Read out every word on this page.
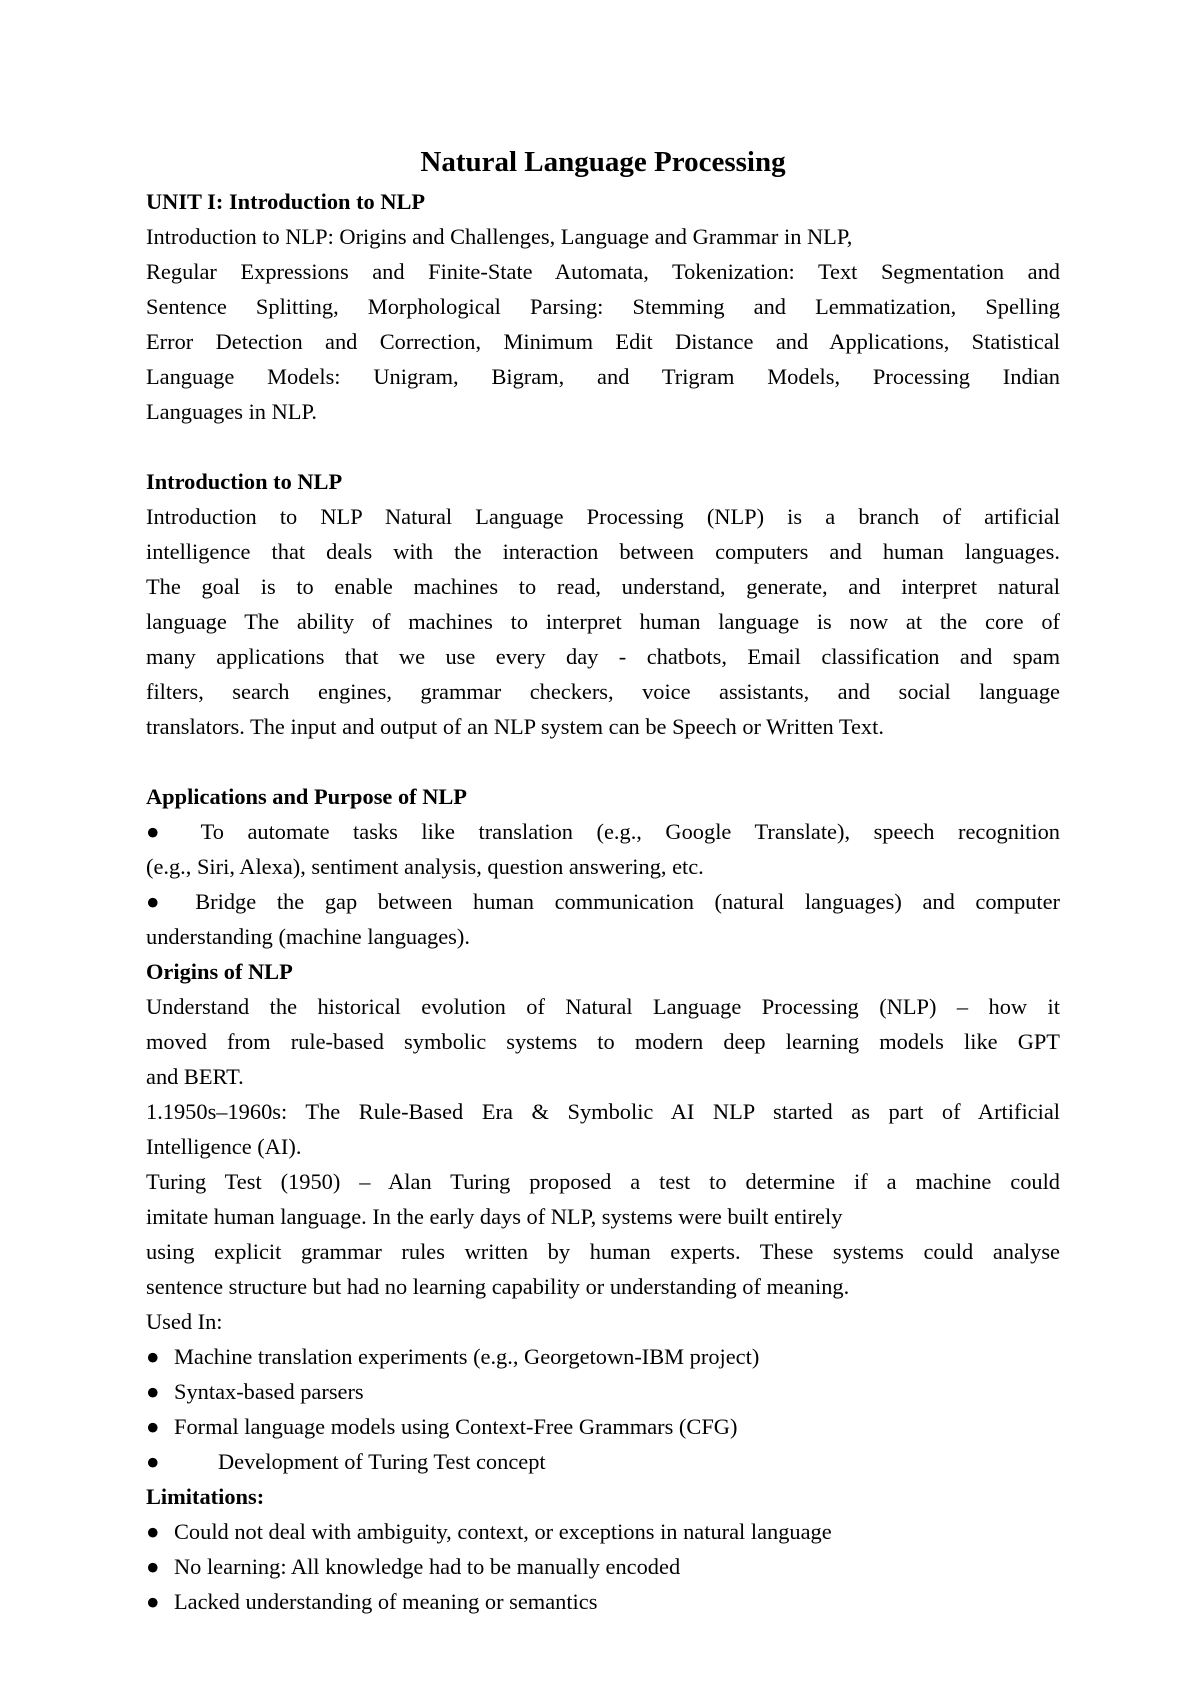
Natural Language Processing

UNIT I: Introduction to NLP

Introduction to NLP: Origins and Challenges, Language and Grammar in NLP,

Regular Expressions and Finite-State Automata, Tokenization: Text Segmentation and

Sentence Splitting, Morphological Parsing: Stemming and Lemmatization, Spelling

Error Detection and Correction, Minimum Edit Distance and Applications, Statistical

Language Models: Unigram, Bigram, and Trigram Models, Processing Indian

Languages in NLP.

Introduction to NLP

Introduction to NLP Natural Language Processing (NLP) is a branch of artificial

intelligence that deals with the interaction between computers and human languages.

The goal is to enable machines to read, understand, generate, and interpret natural

language The ability of machines to interpret human language is now at the core of

many applications that we use every day - chatbots, Email classification and spam

filters, search engines, grammar checkers, voice assistants, and social language

translators. The input and output of an NLP system can be Speech or Written Text.

Applications and Purpose of NLP

● To automate tasks like translation (e.g., Google Translate), speech recognition

(e.g., Siri, Alexa), sentiment analysis, question answering, etc.

● Bridge the gap between human communication (natural languages) and computer

understanding (machine languages).

Origins of NLP

Understand the historical evolution of Natural Language Processing (NLP) – how it

moved from rule-based symbolic systems to modern deep learning models like GPT

and BERT.

1.1950s–1960s: The Rule-Based Era & Symbolic AI NLP started as part of Artificial

Intelligence (AI).

Turing Test (1950) – Alan Turing proposed a test to determine if a machine could

imitate human language. In the early days of NLP, systems were built entirely

using explicit grammar rules written by human experts. These systems could analyse

sentence structure but had no learning capability or understanding of meaning.

Used In:

● Machine translation experiments (e.g., Georgetown-IBM project)

● Syntax-based parsers

● Formal language models using Context-Free Grammars (CFG)

●	Development of Turing Test concept

Limitations:

● Could not deal with ambiguity, context, or exceptions in natural language

● No learning: All knowledge had to be manually encoded

● Lacked understanding of meaning or semantics
